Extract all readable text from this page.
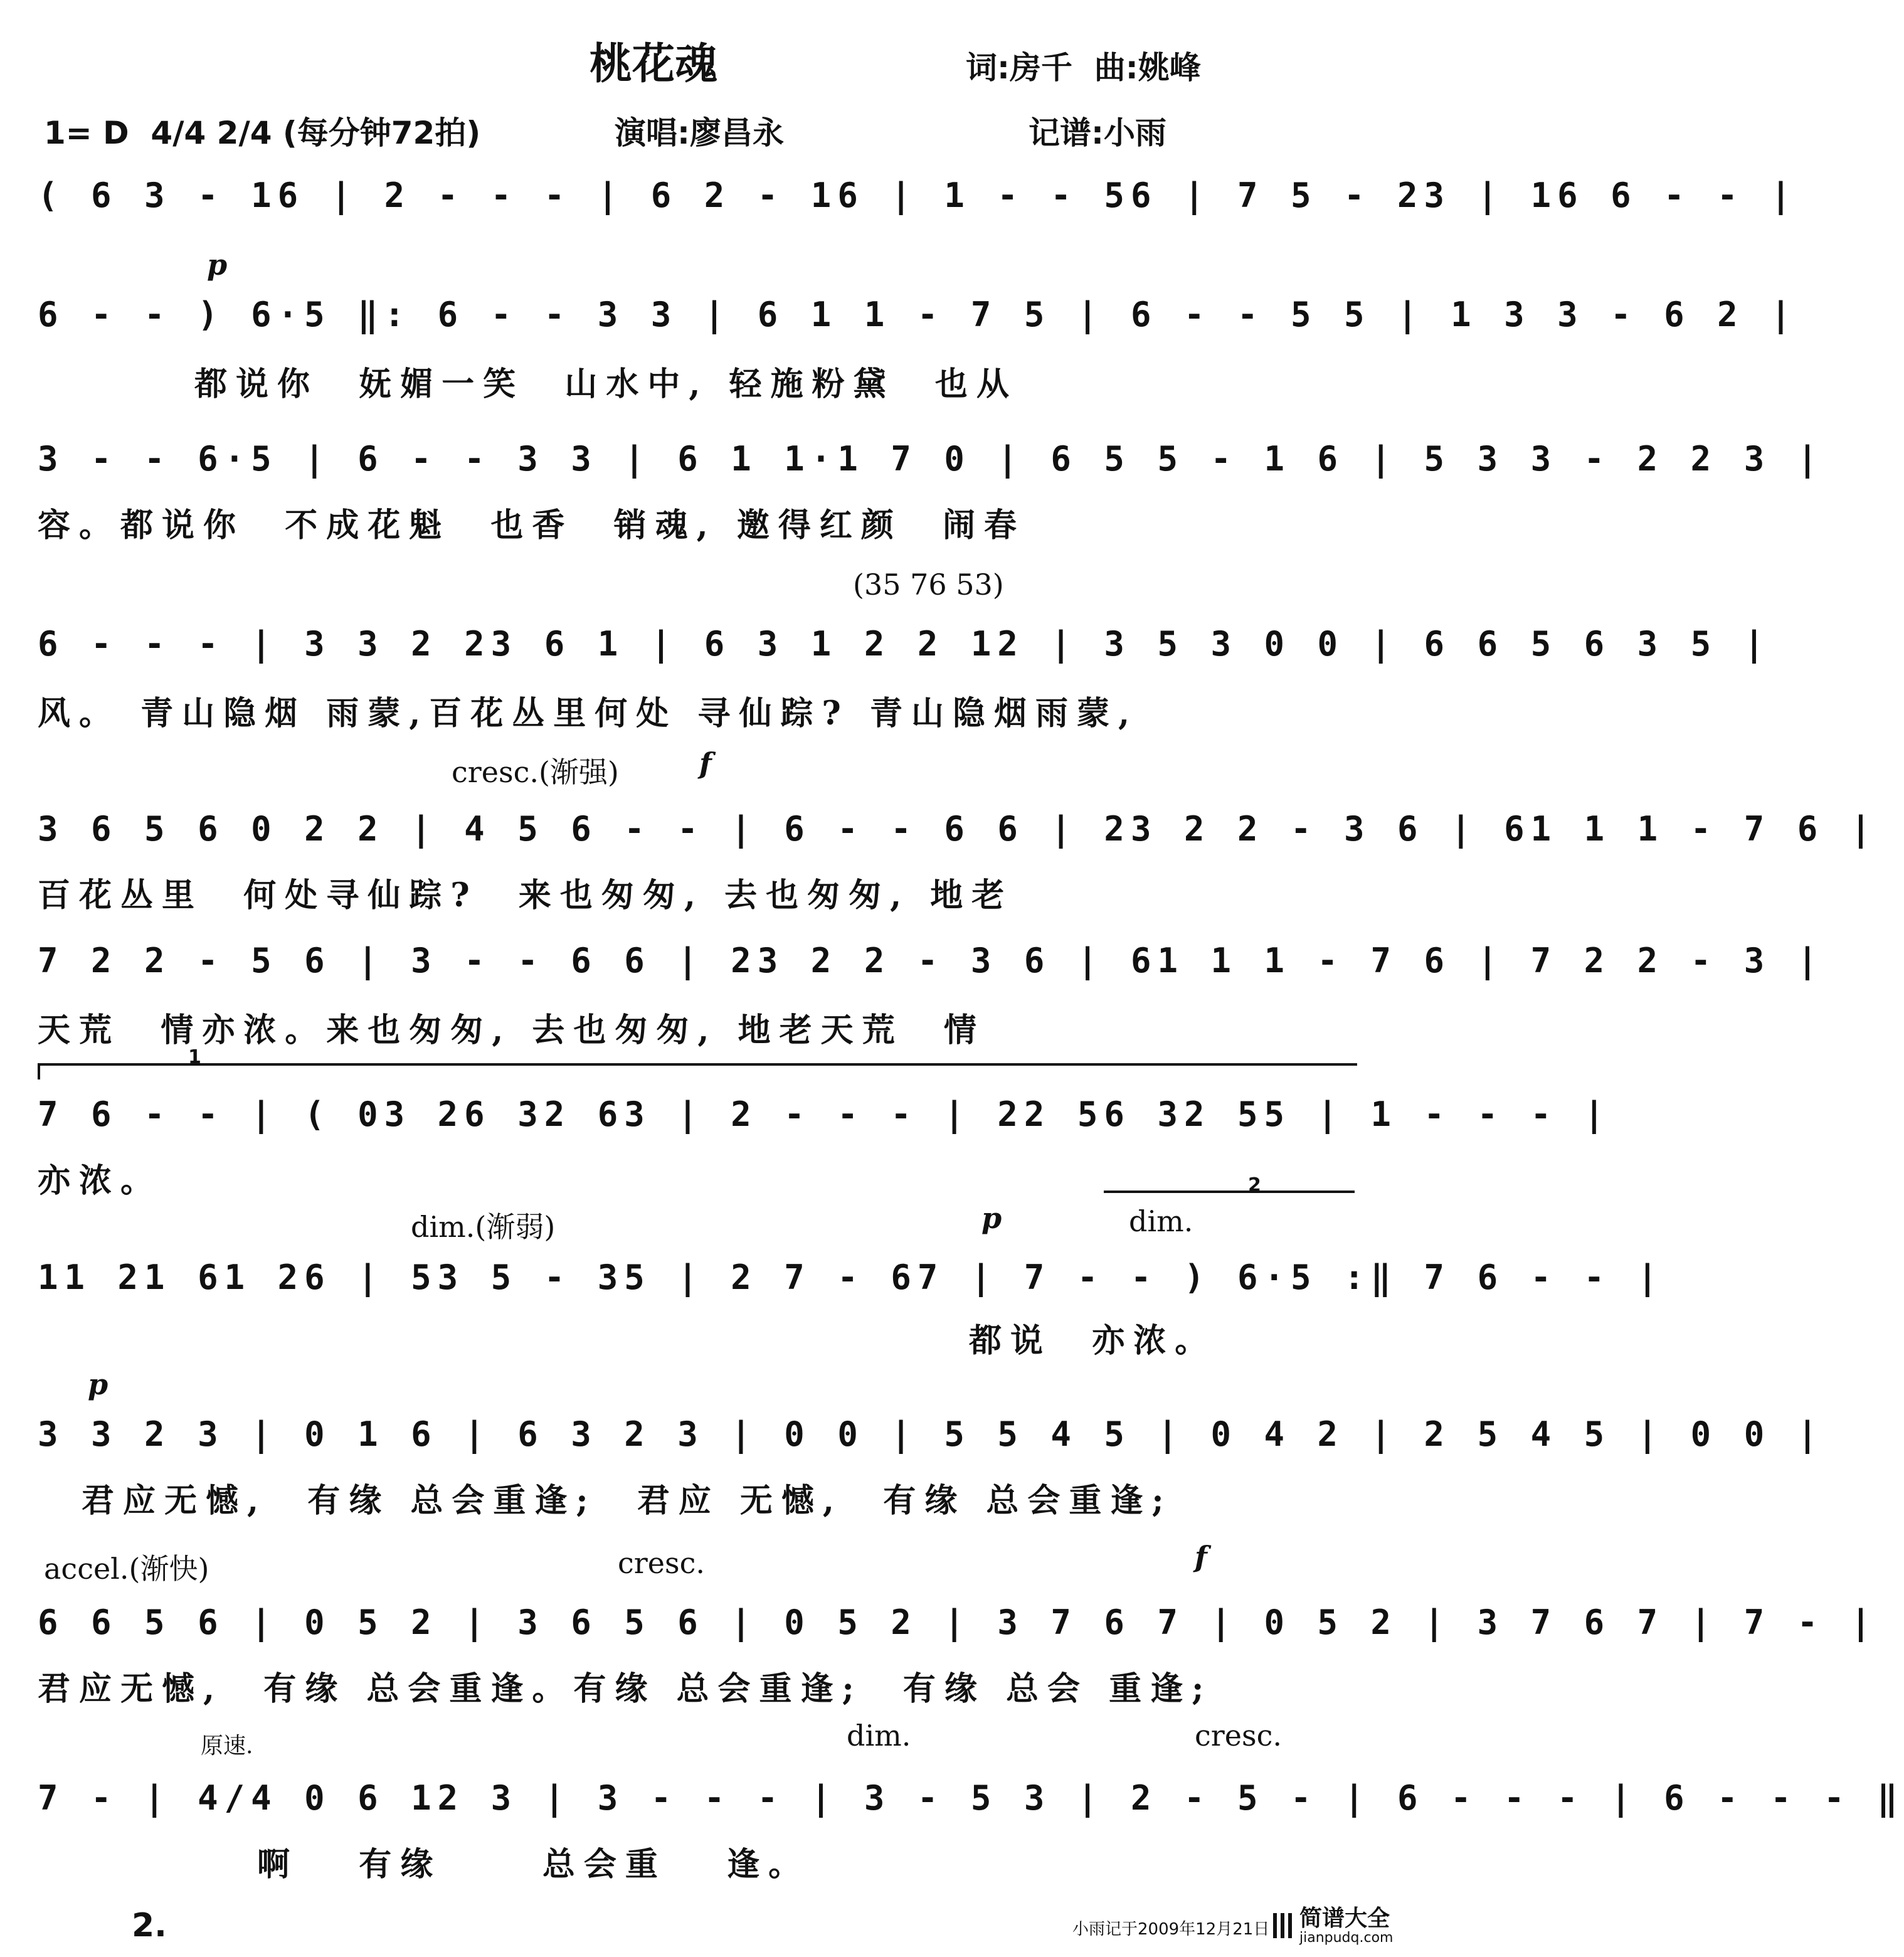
桃花魂	词:房千  曲:姚峰
1= D  4/4 2/4 (每分钟72拍)	演唱:廖昌永	记谱:小雨
( 6 3 - 16 | 2 - - - | 6 2 - 16 | 1 - - 56 | 7 5 - 23 | 16 6 - - |
p
6 - - ) 6·5 ‖: 6 - - 3 3 | 6 1 1 - 7 5 | 6 - - 5 5 | 1 3 3 - 6 2 |
都说你  妩媚一笑  山水中, 轻施粉黛  也从
3 - - 6·5 | 6 - - 3 3 | 6 1 1·1 7 0 | 6 5 5 - 1 6 | 5 3 3 - 2 2 3 |
容。都说你  不成花魁  也香  销魂, 邀得红颜  闹春
(35 76 53)
6 - - - | 3 3 2 23 6 1 | 6 3 1 2 2 12 | 3 5 3 0 0 | 6 6 5 6 3 5 |
风。 青山隐烟 雨蒙,百花丛里何处 寻仙踪? 青山隐烟雨蒙,
cresc.(渐强)	f
3 6 5 6 0 2 2 | 4 5 6 - - | 6 - - 6 6 | 23 2 2 - 3 6 | 61 1 1 - 7 6 |
百花丛里  何处寻仙踪?  来也匆匆, 去也匆匆, 地老
7 2 2 - 5 6 | 3 - - 6 6 | 23 2 2 - 3 6 | 61 1 1 - 7 6 | 7 2 2 - 3 |
天荒  情亦浓。来也匆匆, 去也匆匆, 地老天荒  情
1
7 6 - - | ( 03 26 32 63 | 2 - - - | 22 56 32 55 | 1 - - - |
亦浓。
dim.(渐弱)	p	dim.
2
11 21 61 26 | 53 5 - 35 | 2 7 - 67 | 7 - - ) 6·5 :‖ 7 6 - - |
都说  亦浓。
p
3 3 2 3 | 0 1 6 | 6 3 2 3 | 0 0 | 5 5 4 5 | 0 4 2 | 2 5 4 5 | 0 0 |
君应无憾,  有缘 总会重逢;  君应 无憾,  有缘 总会重逢;
accel.(渐快)	cresc.	f
6 6 5 6 | 0 5 2 | 3 6 5 6 | 0 5 2 | 3 7 6 7 | 0 5 2 | 3 7 6 7 | 7 - |
君应无憾,  有缘 总会重逢。有缘 总会重逢;  有缘 总会 重逢;
原速.	dim.	cresc.
7 - | 4/4 0 6 12 3 | 3 - - - | 3 - 5 3 | 2 - 5 - | 6 - - - | 6 - - - ‖
啊   有缘     总会重   逢。
2.	小雨记于2009年12月21日 简谱大全
jianpudq.com
